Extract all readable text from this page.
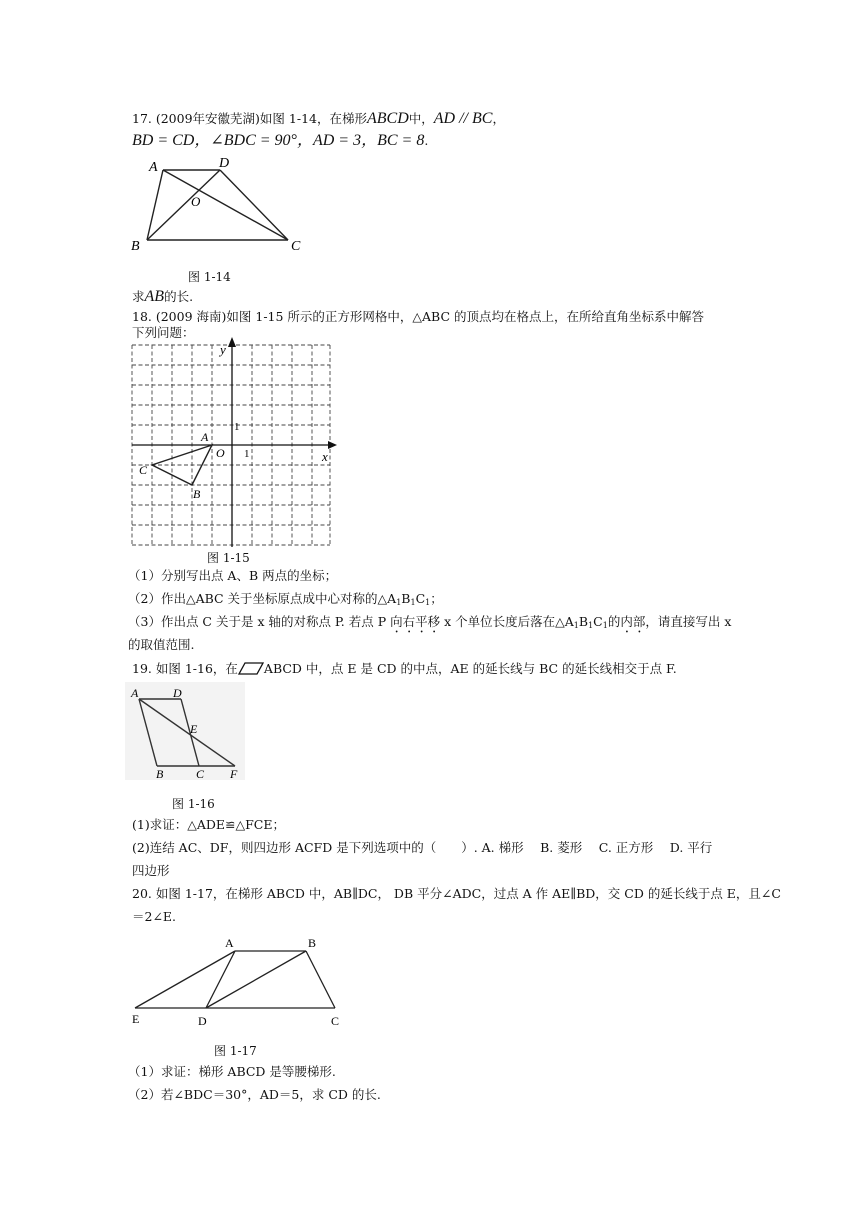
17. (2009年安徽芜湖)如图 1-14，在梯形ABCD中，AD // BC，

BD = CD，∠BDC = 90°，AD = 3，BC = 8.

A	D
O
B	C
图 1-14

求AB的长.

18. (2009 海南)如图 1-15 所示的正方形网格中，△ABC 的顶点均在格点上，在所给直角坐标系中解答

下列问题：

y
x
1
1
O
A
B
C
图 1-15

（1）分别写出点 A、B 两点的坐标；

（2）作出△ABC 关于坐标原点成中心对称的$\triangle A_1B_1C_1$；

（3）作出点 C 关于是 x 轴的对称点 P. 若点 P 向右平移 x 个单位长度后落在$\triangle A_1B_1C_1$的内部，请直接写出 x

的取值范围.

19. 如图 1-16，在 ABCD 中，点 E 是 CD 的中点，AE 的延长线与 BC 的延长线相交于点 F.

A	D
E
B	C F
图 1-16

(1)求证：△ADE≌△FCE；

(2)连结 AC、DF，则四边形 ACFD 是下列选项中的（　　）. A. 梯形　 B. 菱形　 C. 正方形　 D. 平行

四边形

20. 如图 1-17，在梯形 ABCD 中，AB∥DC， DB 平分∠ADC，过点 A 作 AE∥BD，交 CD 的延长线于点 E，且∠C

＝2∠E.

A	B
E	D	C
图 1-17

（1）求证：梯形 ABCD 是等腰梯形.

（2）若∠BDC＝30°，AD＝5，求 CD 的长.
